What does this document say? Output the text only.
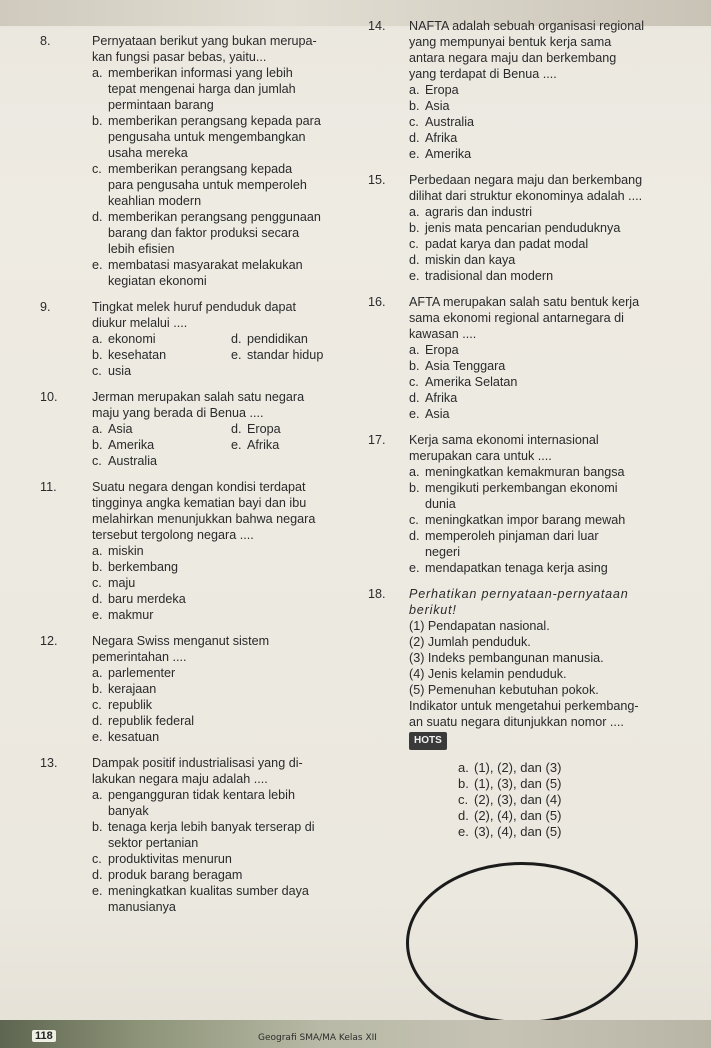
8.	Pernyataan berikut yang bukan merupa-
kan fungsi pasar bebas, yaitu...
a. memberikan informasi yang lebih
tepat mengenai harga dan jumlah
permintaan barang
b. memberikan perangsang kepada para
pengusaha untuk mengembangkan
usaha mereka
c. memberikan perangsang kepada
para pengusaha untuk memperoleh
keahlian modern
d. memberikan perangsang penggunaan
barang dan faktor produksi secara
lebih efisien
e. membatasi masyarakat melakukan
kegiatan ekonomi
9.	Tingkat melek huruf penduduk dapat
diukur melalui ....
a. ekonomi	d. pendidikan
b. kesehatan	e. standar hidup
c. usia
10.	Jerman merupakan salah satu negara
maju yang berada di Benua ....
a. Asia	d. Eropa
b. Amerika	e. Afrika
c. Australia
11.	Suatu negara dengan kondisi terdapat
tingginya angka kematian bayi dan ibu
melahirkan menunjukkan bahwa negara
tersebut tergolong negara ....
a. miskin
b. berkembang
c. maju
d. baru merdeka
e. makmur
12.	Negara Swiss menganut sistem
pemerintahan ....
a. parlementer
b. kerajaan
c. republik
d. republik federal
e. kesatuan
13.	Dampak positif industrialisasi yang di-
lakukan negara maju adalah ....
a. pengangguran tidak kentara lebih
banyak
b. tenaga kerja lebih banyak terserap di
sektor pertanian
c. produktivitas menurun
d. produk barang beragam
e. meningkatkan kualitas sumber daya
manusianya
14. NAFTA adalah sebuah organisasi regional
yang mempunyai bentuk kerja sama
antara negara maju dan berkembang
yang terdapat di Benua ....
a. Eropa
b. Asia
c. Australia
d. Afrika
e. Amerika
15. Perbedaan negara maju dan berkembang
dilihat dari struktur ekonominya adalah ....
a. agraris dan industri
b. jenis mata pencarian penduduknya
c. padat karya dan padat modal
d. miskin dan kaya
e. tradisional dan modern
16. AFTA merupakan salah satu bentuk kerja
sama ekonomi regional antarnegara di
kawasan ....
a. Eropa
b. Asia Tenggara
c. Amerika Selatan
d. Afrika
e. Asia
17. Kerja sama ekonomi internasional
merupakan cara untuk ....
a. meningkatkan kemakmuran bangsa
b. mengikuti perkembangan ekonomi
dunia
c. meningkatkan impor barang mewah
d. memperoleh pinjaman dari luar
negeri
e. mendapatkan tenaga kerja asing
18. Perhatikan pernyataan-pernyataan
berikut!
(1) Pendapatan nasional.
(2) Jumlah penduduk.
(3) Indeks pembangunan manusia.
(4) Jenis kelamin penduduk.
(5) Pemenuhan kebutuhan pokok.
Indikator untuk mengetahui perkembang-
an suatu negara ditunjukkan nomor ....
HOTS
a. (1), (2), dan (3)
b. (1), (3), dan (5)
c. (2), (3), dan (4)
d. (2), (4), dan (5)
e. (3), (4), dan (5)
118	Geografi SMA/MA Kelas XII
